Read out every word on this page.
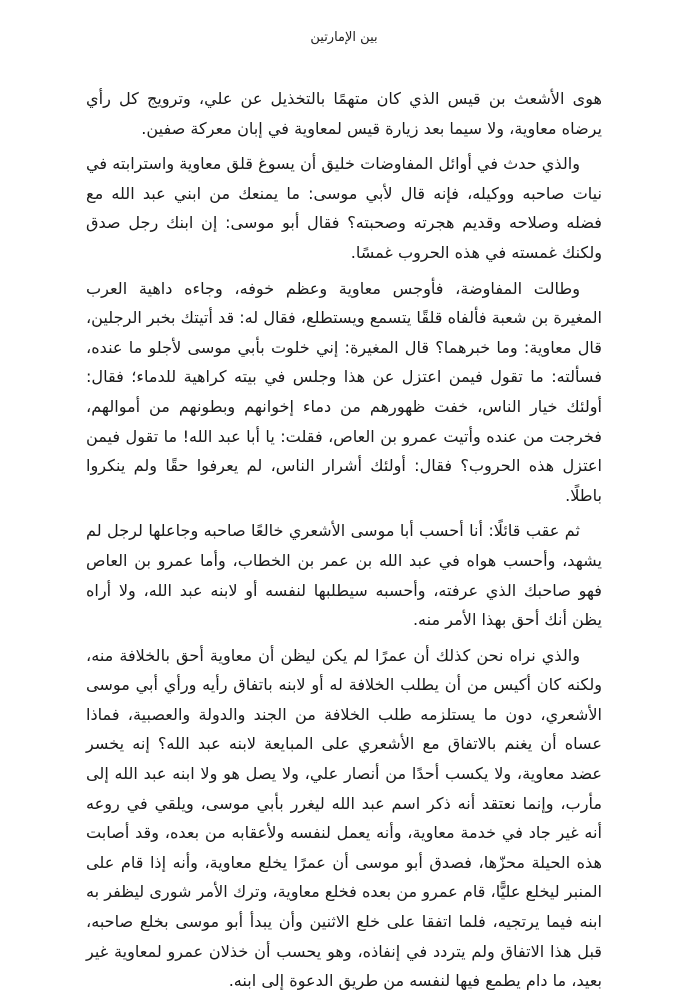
بين الإمارتين

هوى الأشعث بن قيس الذي كان متهمًا بالتخذيل عن علي، وترويج كل رأي يرضاه معاوية، ولا سيما بعد زيارة قيس لمعاوية في إبان معركة صفين.

والذي حدث في أوائل المفاوضات خليق أن يسوغ قلق معاوية واسترابته في نيات صاحبه ووكيله، فإنه قال لأبي موسى: ما يمنعك من ابني عبد الله مع فضله وصلاحه وقديم هجرته وصحبته؟ فقال أبو موسى: إن ابنك رجل صدق ولكنك غمسته في هذه الحروب غمسًا.

وطالت المفاوضة، فأوجس معاوية وعظم خوفه، وجاءه داهية العرب المغيرة بن شعبة فألفاه قلقًا يتسمع ويستطلع، فقال له: قد أتيتك بخبر الرجلين، قال معاوية: وما خبرهما؟ قال المغيرة: إني خلوت بأبي موسى لأجلو ما عنده، فسألته: ما تقول فيمن اعتزل عن هذا وجلس في بيته كراهية للدماء؛ فقال: أولئك خيار الناس، خفت ظهورهم من دماء إخوانهم وبطونهم من أموالهم، فخرجت من عنده وأتيت عمرو بن العاص، فقلت: يا أبا عبد الله! ما تقول فيمن اعتزل هذه الحروب؟ فقال: أولئك أشرار الناس، لم يعرفوا حقًا ولم ينكروا باطلًا.

ثم عقب قائلًا: أنا أحسب أبا موسى الأشعري خالعًا صاحبه وجاعلها لرجل لم يشهد، وأحسب هواه في عبد الله بن عمر بن الخطاب، وأما عمرو بن العاص فهو صاحبك الذي عرفته، وأحسبه سيطلبها لنفسه أو لابنه عبد الله، ولا أراه يظن أنك أحق بهذا الأمر منه.

والذي نراه نحن كذلك أن عمرًا لم يكن ليظن أن معاوية أحق بالخلافة منه، ولكنه كان أكيس من أن يطلب الخلافة له أو لابنه باتفاق رأيه ورأي أبي موسى الأشعري، دون ما يستلزمه طلب الخلافة من الجند والدولة والعصبية، فماذا عساه أن يغنم بالاتفاق مع الأشعري على المبايعة لابنه عبد الله؟ إنه يخسر عضد معاوية، ولا يكسب أحدًا من أنصار علي، ولا يصل هو ولا ابنه عبد الله إلى مأرب، وإنما نعتقد أنه ذكر اسم عبد الله ليغرر بأبي موسى، ويلقي في روعه أنه غير جاد في خدمة معاوية، وأنه يعمل لنفسه ولأعقابه من بعده، وقد أصابت هذه الحيلة محزّها، فصدق أبو موسى أن عمرًا يخلع معاوية، وأنه إذا قام على المنبر ليخلع عليًّا، قام عمرو من بعده فخلع معاوية، وترك الأمر شورى ليظفر به ابنه فيما يرتجيه، فلما اتفقا على خلع الاثنين وأن يبدأ أبو موسى بخلع صاحبه، قبل هذا الاتفاق ولم يتردد في إنفاذه، وهو يحسب أن خذلان عمرو لمعاوية غير بعيد، ما دام يطمع فيها لنفسه من طريق الدعوة إلى ابنه.
